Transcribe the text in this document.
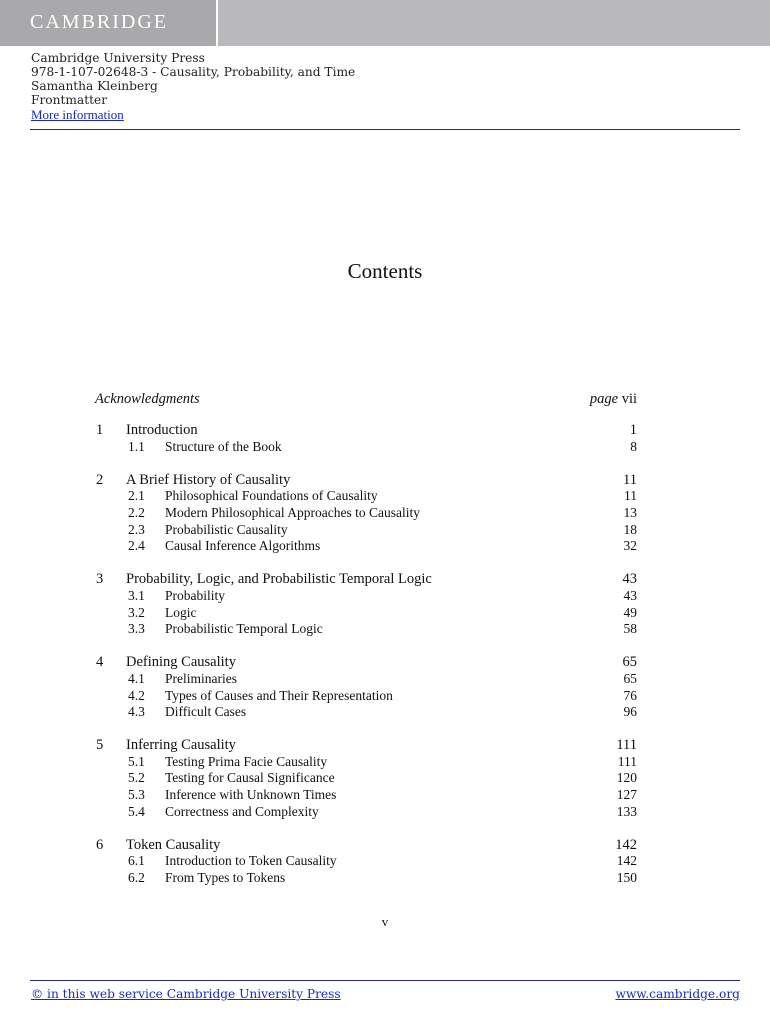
CAMBRIDGE
Cambridge University Press
978-1-107-02648-3 - Causality, Probability, and Time
Samantha Kleinberg
Frontmatter
More information
Contents
Acknowledgments	page vii
1 Introduction	1
1.1 Structure of the Book	8
2 A Brief History of Causality	11
2.1 Philosophical Foundations of Causality	11
2.2 Modern Philosophical Approaches to Causality	13
2.3 Probabilistic Causality	18
2.4 Causal Inference Algorithms	32
3 Probability, Logic, and Probabilistic Temporal Logic	43
3.1 Probability	43
3.2 Logic	49
3.3 Probabilistic Temporal Logic	58
4 Defining Causality	65
4.1 Preliminaries	65
4.2 Types of Causes and Their Representation	76
4.3 Difficult Cases	96
5 Inferring Causality	111
5.1 Testing Prima Facie Causality	111
5.2 Testing for Causal Significance	120
5.3 Inference with Unknown Times	127
5.4 Correctness and Complexity	133
6 Token Causality	142
6.1 Introduction to Token Causality	142
6.2 From Types to Tokens	150
v
© in this web service Cambridge University Press	www.cambridge.org
